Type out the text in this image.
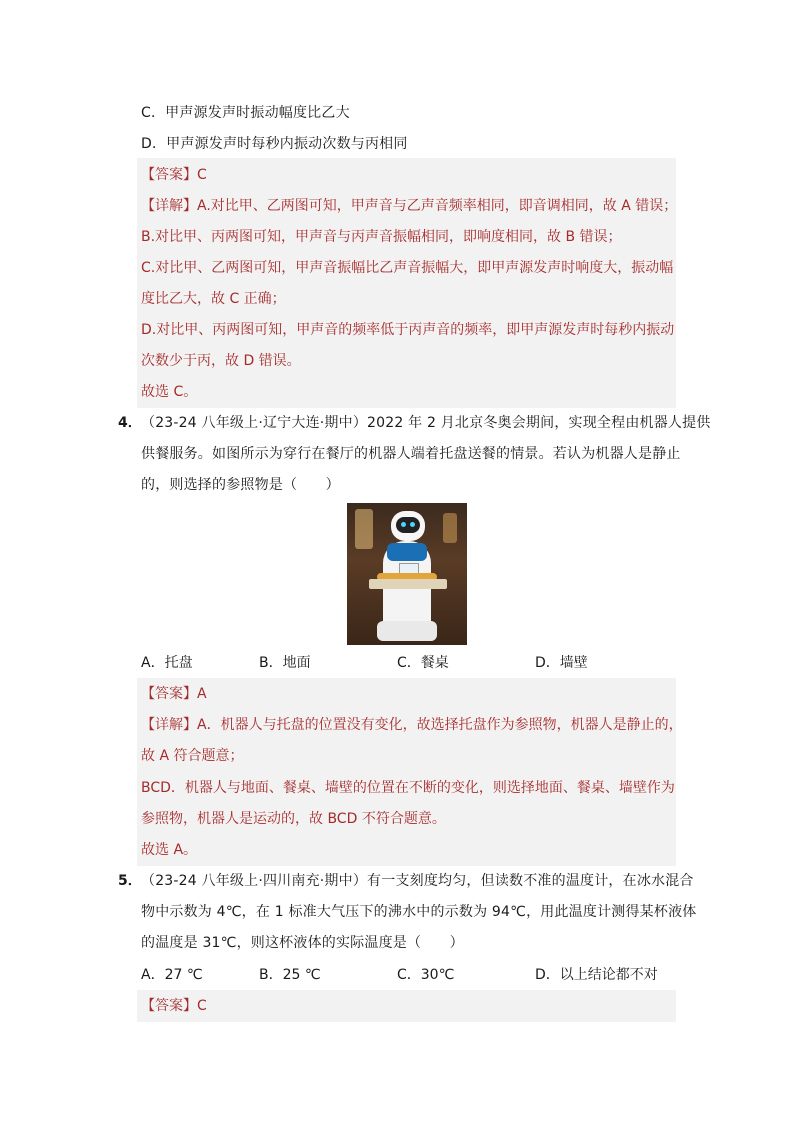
C．甲声源发声时振动幅度比乙大
D．甲声源发声时每秒内振动次数与丙相同
【答案】C
【详解】A.对比甲、乙两图可知，甲声音与乙声音频率相同，即音调相同，故 A 错误；
B.对比甲、丙两图可知，甲声音与丙声音振幅相同，即响度相同，故 B 错误；
C.对比甲、乙两图可知，甲声音振幅比乙声音振幅大，即甲声源发声时响度大，振动幅
度比乙大，故 C 正确；
D.对比甲、丙两图可知，甲声音的频率低于丙声音的频率，即甲声源发声时每秒内振动
次数少于丙，故 D 错误。
故选 C。
4． （23-24 八年级上·辽宁大连·期中）2022 年 2 月北京冬奥会期间，实现全程由机器人提供
供餐服务。如图所示为穿行在餐厅的机器人端着托盘送餐的情景。若认为机器人是静止
的，则选择的参照物是（　　）
A．托盘	B．地面	C．餐桌	D．墙壁
【答案】A
【详解】A．机器人与托盘的位置没有变化，故选择托盘作为参照物，机器人是静止的，
故 A 符合题意；
BCD．机器人与地面、餐桌、墙壁的位置在不断的变化，则选择地面、餐桌、墙壁作为
参照物，机器人是运动的，故 BCD 不符合题意。
故选 A。
5． （23-24 八年级上·四川南充·期中）有一支刻度均匀，但读数不准的温度计，在冰水混合
物中示数为 4℃，在 1 标准大气压下的沸水中的示数为 94℃，用此温度计测得某杯液体
的温度是 31℃，则这杯液体的实际温度是（　　）
A．27 ℃	B．25 ℃	C．30℃	D．以上结论都不对
【答案】C
